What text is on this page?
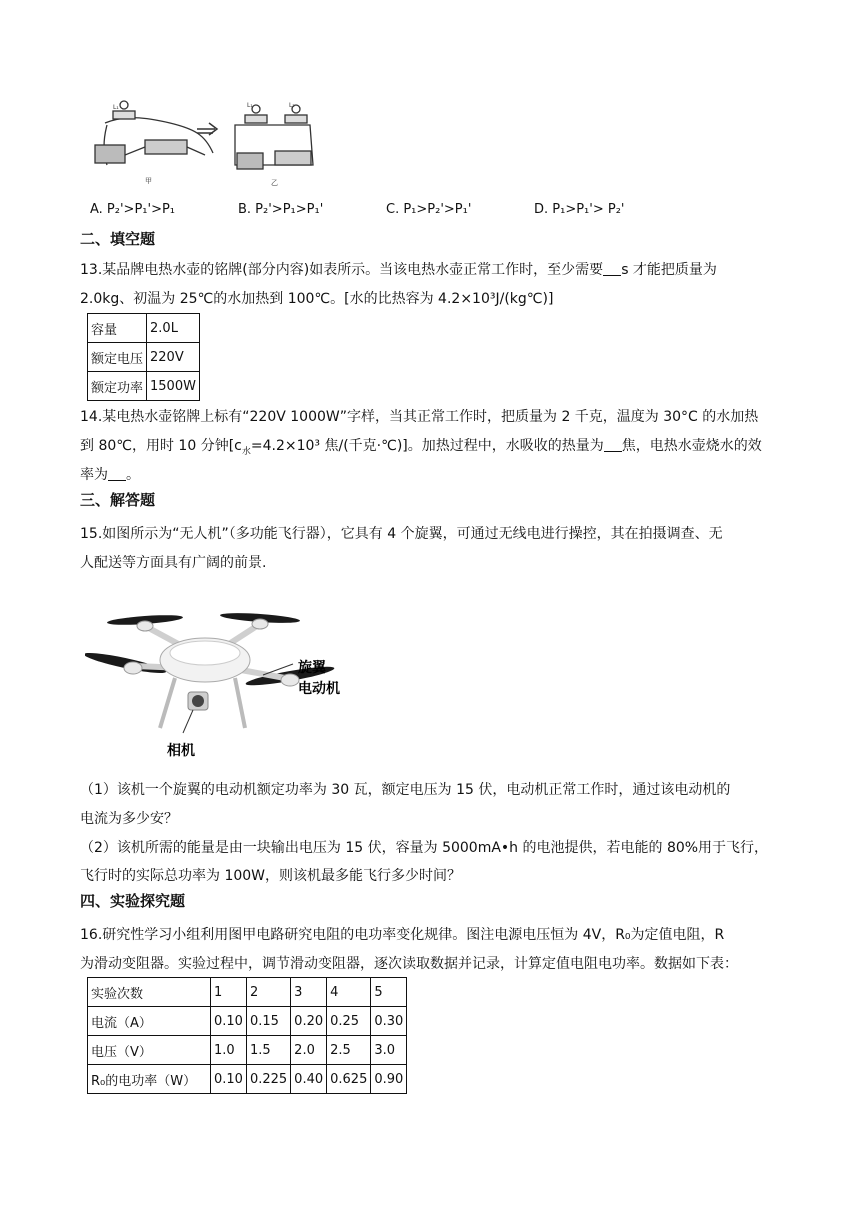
L₁
甲
L₁	L₂
乙
A. P₂'>P₁'>P₁	B. P₂'>P₁>P₁'	C. P₁>P₂'>P₁'	D. P₁>P₁'> P₂'
二、填空题
13.某品牌电热水壶的铭牌(部分内容)如表所示。当该电热水壶正常工作时，至少需要 s 才能把质量为
2.0kg、初温为 25℃的水加热到 100℃。[水的比热容为 4.2×10³J/(kg℃)]
容量	2.0L
额定电压	220V
额定功率	1500W
14.某电热水壶铭牌上标有“220V 1000W”字样，当其正常工作时，把质量为 2 千克，温度为 30°C 的水加热
到 80℃，用时 10 分钟[$c_水=4.2\times 10^3$ 焦/(千克·℃)]。加热过程中，水吸收的热量为 焦，电热水壶烧水的效
率为 。
三、解答题
15.如图所示为“无人机”（多功能飞行器），它具有 4 个旋翼，可通过无线电进行操控，其在拍摄调查、无
人配送等方面具有广阔的前景.
旋翼
电动机
相机
（1）该机一个旋翼的电动机额定功率为 30 瓦，额定电压为 15 伏，电动机正常工作时，通过该电动机的
电流为多少安？
（2）该机所需的能量是由一块输出电压为 15 伏，容量为 5000mA•h 的电池提供，若电能的 80%用于飞行，
飞行时的实际总功率为 100W，则该机最多能飞行多少时间？
四、实验探究题
16.研究性学习小组利用图甲电路研究电阻的电功率变化规律。图注电源电压恒为 4V，R₀为定值电阻，R
为滑动变阻器。实验过程中，调节滑动变阻器，逐次读取数据并记录，计算定值电阻电功率。数据如下表：
实验次数	1	2	3	4	5
电流（A）	0.10	0.15	0.20	0.25	0.30
电压（V）	1.0	1.5	2.0	2.5	3.0
R₀的电功率（W）	0.10	0.225	0.40	0.625	0.90
